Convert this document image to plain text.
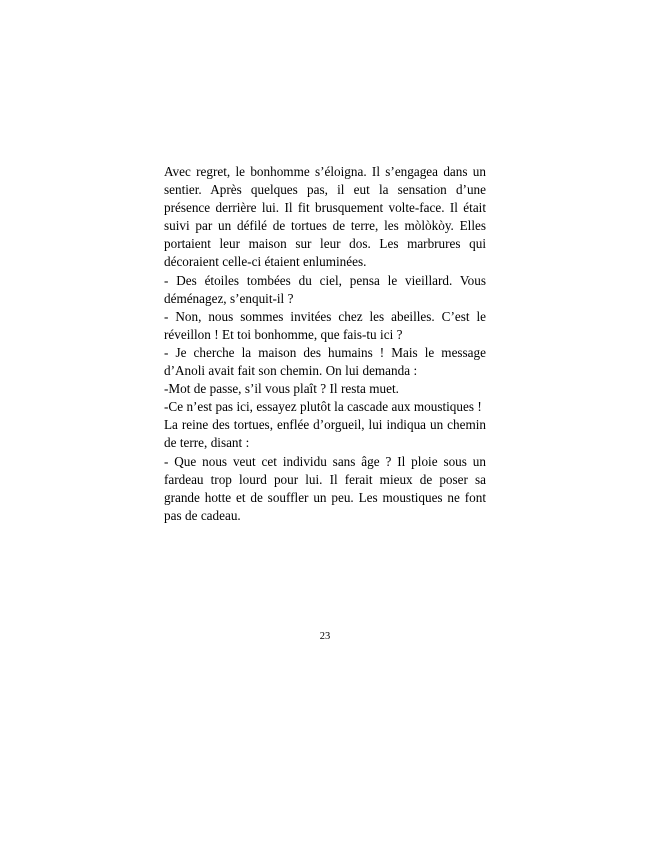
Avec regret, le bonhomme s’éloigna. Il s’engagea dans un sentier. Après quelques pas, il eut la sensation d’une présence derrière lui. Il fit brusquement volte-face. Il était suivi par un défilé de tortues de terre, les mòlòkòy. Elles portaient leur maison sur leur dos. Les marbrures qui décoraient celle-ci étaient enluminées.

- Des étoiles tombées du ciel, pensa le vieillard. Vous déménagez, s’enquit-il ?

- Non, nous sommes invitées chez les abeilles. C’est le réveillon ! Et toi bonhomme, que fais-tu ici ?

- Je cherche la maison des humains ! Mais le message d’Anoli avait fait son chemin. On lui demanda :

-Mot de passe, s’il vous plaît ? Il resta muet.

-Ce n’est pas ici, essayez plutôt la cascade aux moustiques !

La reine des tortues, enflée d’orgueil, lui indiqua un chemin de terre, disant :

- Que nous veut cet individu sans âge ? Il ploie sous un fardeau trop lourd pour lui. Il ferait mieux de poser sa grande hotte et de souffler un peu. Les moustiques ne font pas de cadeau.

23
